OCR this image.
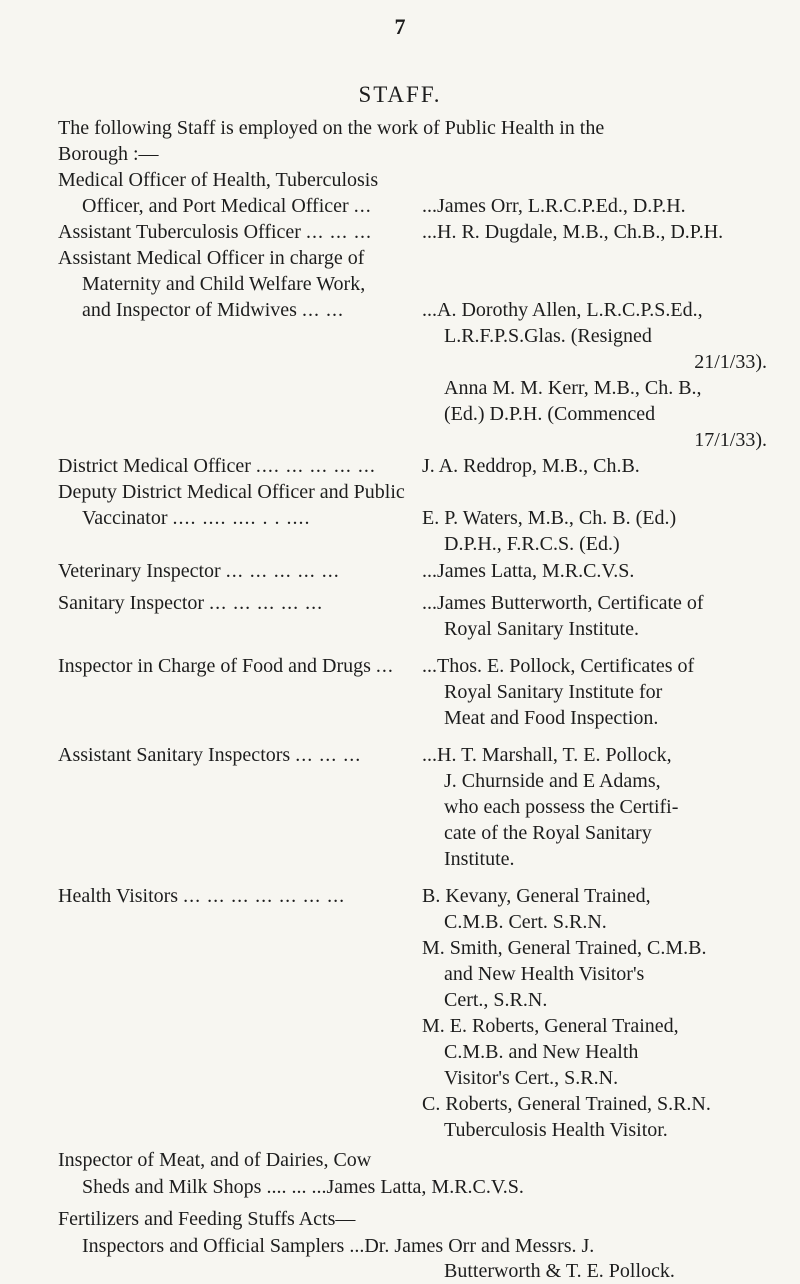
7
STAFF.
The following Staff is employed on the work of Public Health in the
Borough :—
Medical Officer of Health, Tuberculosis
Officer, and Port Medical Officer ...	...James Orr, L.R.C.P.Ed., D.P.H.
Assistant Tuberculosis Officer ... ... ...	...H. R. Dugdale, M.B., Ch.B., D.P.H.
Assistant Medical Officer in charge of
Maternity and Child Welfare Work,
and Inspector of Midwives ... ...	...A. Dorothy Allen, L.R.C.P.S.Ed.,
L.R.F.P.S.Glas. (Resigned
21/1/33).
Anna M. M. Kerr, M.B., Ch. B.,
(Ed.) D.P.H. (Commenced
17/1/33).
District Medical Officer .... ... ... ... ... J. A. Reddrop, M.B., Ch.B.
Deputy District Medical Officer and Public
Vaccinator .... .... .... . . ....	E. P. Waters, M.B., Ch. B. (Ed.)
D.P.H., F.R.C.S. (Ed.)
Veterinary Inspector ... ... ... ... ...	...James Latta, M.R.C.V.S.
Sanitary Inspector ... ... ... ... ...	...James Butterworth, Certificate of
Royal Sanitary Institute.
Inspector in Charge of Food and Drugs ... ...Thos. E. Pollock, Certificates of
Royal Sanitary Institute for
Meat and Food Inspection.
Assistant Sanitary Inspectors ... ... ...	...H. T. Marshall, T. E. Pollock,
J. Churnside and E Adams,
who each possess the Certifi-
cate of the Royal Sanitary
Institute.
Health Visitors ... ... ... ... ... ... ...	B. Kevany, General Trained,
C.M.B. Cert. S.R.N.
M. Smith, General Trained, C.M.B.
and New Health Visitor's
Cert., S.R.N.
M. E. Roberts, General Trained,
C.M.B. and New Health
Visitor's Cert., S.R.N.
C. Roberts, General Trained, S.R.N.
Tuberculosis Health Visitor.
Inspector of Meat, and of Dairies, Cow
Sheds and Milk Shops .... ... ...James Latta, M.R.C.V.S.
Fertilizers and Feeding Stuffs Acts—
Inspectors and Official Samplers ...Dr. James Orr and Messrs. J.
Butterworth & T. E. Pollock.
